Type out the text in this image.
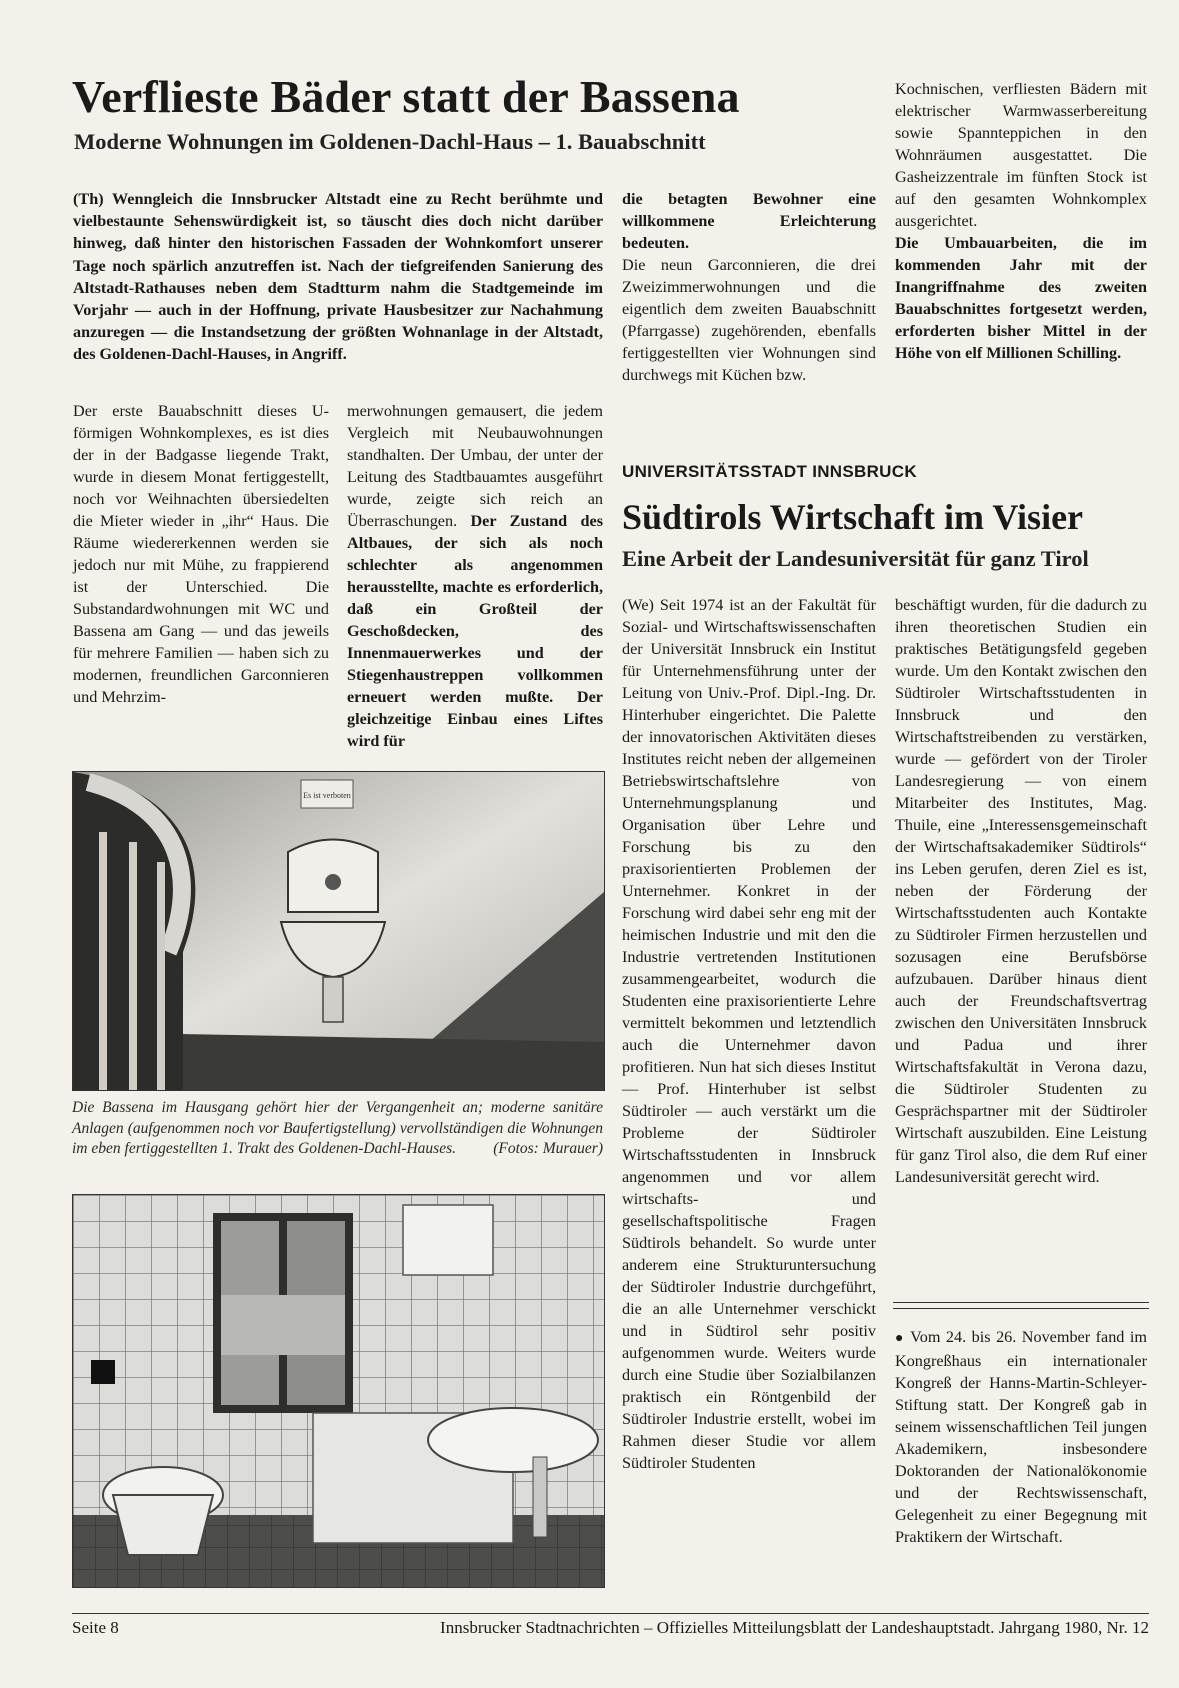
Verflieste Bäder statt der Bassena
Moderne Wohnungen im Goldenen-Dachl-Haus – 1. Bauabschnitt
(Th) Wenngleich die Innsbrucker Altstadt eine zu Recht berühmte und vielbestaunte Sehenswürdigkeit ist, so täuscht dies doch nicht darüber hinweg, daß hinter den historischen Fassaden der Wohnkomfort unserer Tage noch spärlich anzutreffen ist. Nach der tiefgreifenden Sanierung des Altstadt-Rathauses neben dem Stadtturm nahm die Stadtgemeinde im Vorjahr — auch in der Hoffnung, private Hausbesitzer zur Nachahmung anzuregen — die Instandsetzung der größten Wohnanlage in der Altstadt, des Goldenen-Dachl-Hauses, in Angriff.

Der erste Bauabschnitt dieses U-förmigen Wohnkomplexes, es ist dies der in der Badgasse liegende Trakt, wurde in diesem Monat fertiggestellt, noch vor Weihnachten übersiedelten die Mieter wieder in „ihr“ Haus. Die Räume wiedererkennen werden sie jedoch nur mit Mühe, zu frappierend ist der Unterschied. Die Substandardwohnungen mit WC und Bassena am Gang — und das jeweils für mehrere Familien — haben sich zu modernen, freundlichen Garconnieren und Mehrzim-

merwohnungen gemausert, die jedem Vergleich mit Neubauwohnungen standhalten. Der Umbau, der unter der Leitung des Stadtbauamtes ausgeführt wurde, zeigte sich reich an Überraschungen. Der Zustand des Altbaues, der sich als noch schlechter als angenommen herausstellte, machte es erforderlich, daß ein Großteil der Geschoßdecken, des Innenmauerwerkes und der Stiegenhaustreppen vollkommen erneuert werden mußte. Der gleichzeitige Einbau eines Liftes wird für

die betagten Bewohner eine willkommene Erleichterung bedeuten.

Die neun Garconnieren, die drei Zweizimmerwohnungen und die eigentlich dem zweiten Bauabschnitt (Pfarrgasse) zugehörenden, ebenfalls fertiggestellten vier Wohnungen sind durchwegs mit Küchen bzw.

Kochnischen, verfliesten Bädern mit elektrischer Warmwasserbereitung sowie Spannteppichen in den Wohnräumen ausgestattet. Die Gasheizzentrale im fünften Stock ist auf den gesamten Wohnkomplex ausgerichtet.

Die Umbauarbeiten, die im kommenden Jahr mit der Inangriffnahme des zweiten Bauabschnittes fortgesetzt werden, erforderten bisher Mittel in der Höhe von elf Millionen Schilling.

Es ist verboten
Die Bassena im Hausgang gehört hier der Vergangenheit an; moderne sanitäre Anlagen (aufgenommen noch vor Baufertigstellung) vervollständigen die Wohnungen im eben fertiggestellten 1. Trakt des Goldenen-Dachl-Hauses. (Fotos: Murauer)
UNIVERSITÄTSSTADT INNSBRUCK
Südtirols Wirtschaft im Visier
Eine Arbeit der Landesuniversität für ganz Tirol

(We) Seit 1974 ist an der Fakultät für Sozial- und Wirtschaftswissenschaften der Universität Innsbruck ein Institut für Unternehmensführung unter der Leitung von Univ.-Prof. Dipl.-Ing. Dr. Hinterhuber eingerichtet. Die Palette der innovatorischen Aktivitäten dieses Institutes reicht neben der allgemeinen Betriebswirtschaftslehre von Unternehmungsplanung und Organisation über Lehre und Forschung bis zu den praxisorientierten Problemen der Unternehmer. Konkret in der Forschung wird dabei sehr eng mit der heimischen Industrie und mit den die Industrie vertretenden Institutionen zusammengearbeitet, wodurch die Studenten eine praxisorientierte Lehre vermittelt bekommen und letztendlich auch die Unternehmer davon profitieren. Nun hat sich dieses Institut — Prof. Hinterhuber ist selbst Südtiroler — auch verstärkt um die Probleme der Südtiroler Wirtschaftsstudenten in Innsbruck angenommen und vor allem wirtschafts- und gesellschaftspolitische Fragen Südtirols behandelt. So wurde unter anderem eine Strukturuntersuchung der Südtiroler Industrie durchgeführt, die an alle Unternehmer verschickt und in Südtirol sehr positiv aufgenommen wurde. Weiters wurde durch eine Studie über Sozialbilanzen praktisch ein Röntgenbild der Südtiroler Industrie erstellt, wobei im Rahmen dieser Studie vor allem Südtiroler Studenten

beschäftigt wurden, für die dadurch zu ihren theoretischen Studien ein praktisches Betätigungsfeld gegeben wurde. Um den Kontakt zwischen den Südtiroler Wirtschaftsstudenten in Innsbruck und den Wirtschaftstreibenden zu verstärken, wurde — gefördert von der Tiroler Landesregierung — von einem Mitarbeiter des Institutes, Mag. Thuile, eine „Interessensgemeinschaft der Wirtschaftsakademiker Südtirols“ ins Leben gerufen, deren Ziel es ist, neben der Förderung der Wirtschaftsstudenten auch Kontakte zu Südtiroler Firmen herzustellen und sozusagen eine Berufsbörse aufzubauen. Darüber hinaus dient auch der Freundschaftsvertrag zwischen den Universitäten Innsbruck und Padua und ihrer Wirtschaftsfakultät in Verona dazu, die Südtiroler Studenten zu Gesprächspartner mit der Südtiroler Wirtschaft auszubilden. Eine Leistung für ganz Tirol also, die dem Ruf einer Landesuniversität gerecht wird.

● Vom 24. bis 26. November fand im Kongreßhaus ein internationaler Kongreß der Hanns-Martin-Schleyer-Stiftung statt. Der Kongreß gab in seinem wissenschaftlichen Teil jungen Akademikern, insbesondere Doktoranden der Nationalökonomie und der Rechtswissenschaft, Gelegenheit zu einer Begegnung mit Praktikern der Wirtschaft.

Seite 8	Innsbrucker Stadtnachrichten – Offizielles Mitteilungsblatt der Landeshauptstadt. Jahrgang 1980, Nr. 12
